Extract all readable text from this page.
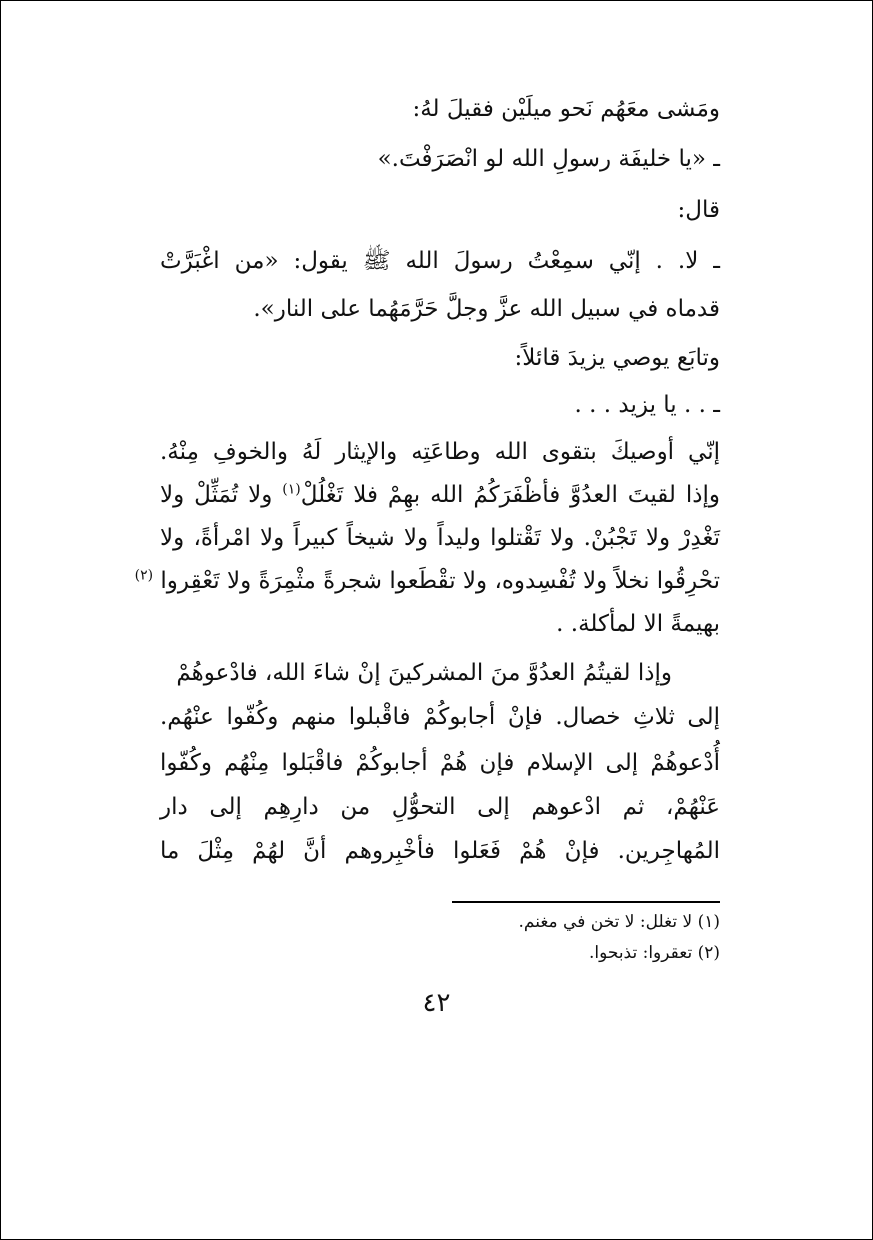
ومَشى معَهُم نَحو ميلَيْن فقيلَ لهُ:
ـ «يا خليفَة رسولِ الله لو انْصَرَفْتَ.»
قال:
ـ لا. . إنّي سمِعْتُ رسولَ الله ﷺ يقول: «من اغْبَرَّتْ
قدماه في سبيل الله عزَّ وجلَّ حَرَّمَهُما على النار».
وتابَع يوصي يزيدَ قائلاً:
ـ . . يا يزيد . . .
إنّي أوصيكَ بتقوى الله وطاعَتِه والإيثار لَهُ والخوفِ مِنْهُ.
وإذا لقيتَ العدُوَّ فأظْفَرَكُمُ الله بهِمْ فلا تَغْلُلْ$^{(١)}$ ولا تُمَثِّلْ ولا
تَغْدِرْ ولا تَجْبُنْ. ولا تَقْتلوا وليداً ولا شيخاً كبيراً ولا امْرأةً، ولا
تحْرِقُوا نخلاً ولا تُفْسِدوه، ولا تقْطَعوا شجرةً مثْمِرَةً ولا تَعْقِروا $^{(٢)}$
بهيمةً الا لمأكلة. .
وإذا لقيتُمُ العدُوَّ منَ المشركينَ إنْ شاءَ الله، فادْعوهُمْ
إلى ثلاثِ خصال. فإنْ أجابوكُمْ فاقْبلوا منهم وكُفّوا عنْهُم.
أُدْعوهُمْ إلى الإسلام فإن هُمْ أجابوكُمْ فاقْبَلوا مِنْهُم وكُفّوا
عَنْهُمْ، ثم ادْعوهم إلى التحوُّلِ من دارِهِم إلى دار
المُهاجِرين. فإنْ هُمْ فَعَلوا فأخْبِروهم أنَّ لهُمْ مِثْلَ ما
(١) لا تغلل: لا تخن في مغنم.
(٢) تعقروا: تذبحوا.
٤٢
